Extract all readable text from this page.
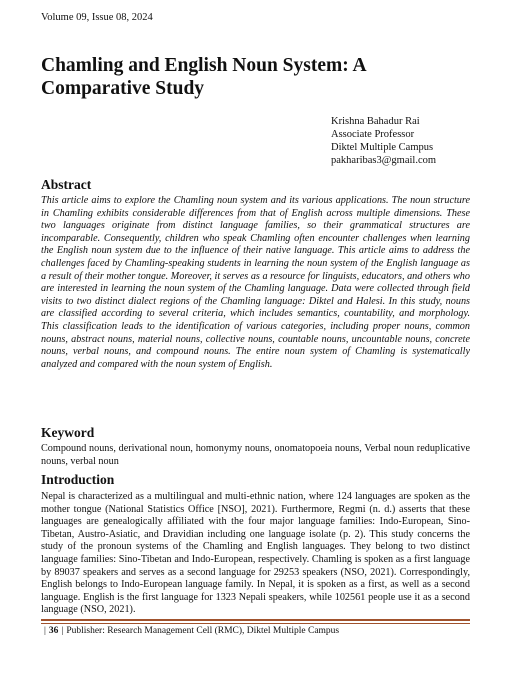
Volume 09, Issue 08, 2024
Chamling and English Noun System: A Comparative Study
Krishna Bahadur Rai
Associate Professor
Diktel Multiple Campus
pakharibas3@gmail.com
Abstract

This article aims to explore the Chamling noun system and its various applications. The noun structure in Chamling exhibits considerable differences from that of English across multiple dimensions. These two languages originate from distinct language families, so their grammatical structures are incomparable. Consequently, children who speak Chamling often encounter challenges when learning the English noun system due to the influence of their native language. This article aims to address the challenges faced by Chamling-speaking students in learning the noun system of the English language as a result of their mother tongue. Moreover, it serves as a resource for linguists, educators, and others who are interested in learning the noun system of the Chamling language. Data were collected through field visits to two distinct dialect regions of the Chamling language: Diktel and Halesi. In this study, nouns are classified according to several criteria, which includes semantics, countability, and morphology. This classification leads to the identification of various categories, including proper nouns, common nouns, abstract nouns, material nouns, collective nouns, countable nouns, uncountable nouns, concrete nouns, verbal nouns, and compound nouns. The entire noun system of Chamling is systematically analyzed and compared with the noun system of English.

Keyword

Compound nouns, derivational noun, homonymy nouns, onomatopoeia nouns, Verbal noun reduplicative nouns, verbal noun

Introduction

Nepal is characterized as a multilingual and multi-ethnic nation, where 124 languages are spoken as the mother tongue (National Statistics Office [NSO], 2021). Furthermore, Regmi (n. d.) asserts that these languages are genealogically affiliated with the four major language families: Indo-European, Sino-Tibetan, Austro-Asiatic, and Dravidian including one language isolate (p. 2). This study concerns the study of the pronoun systems of the Chamling and English languages. They belong to two distinct language families: Sino-Tibetan and Indo-European, respectively. Chamling is spoken as a first language by 89037 speakers and serves as a second language for 29253 speakers (NSO, 2021). Correspondingly, English belongs to Indo-European language family. In Nepal, it is spoken as a first, as well as a second language. English is the first language for 1323 Nepali speakers, while 102561 people use it as a second language (NSO, 2021).

| 36 | Publisher: Research Management Cell (RMC), Diktel Multiple Campus
